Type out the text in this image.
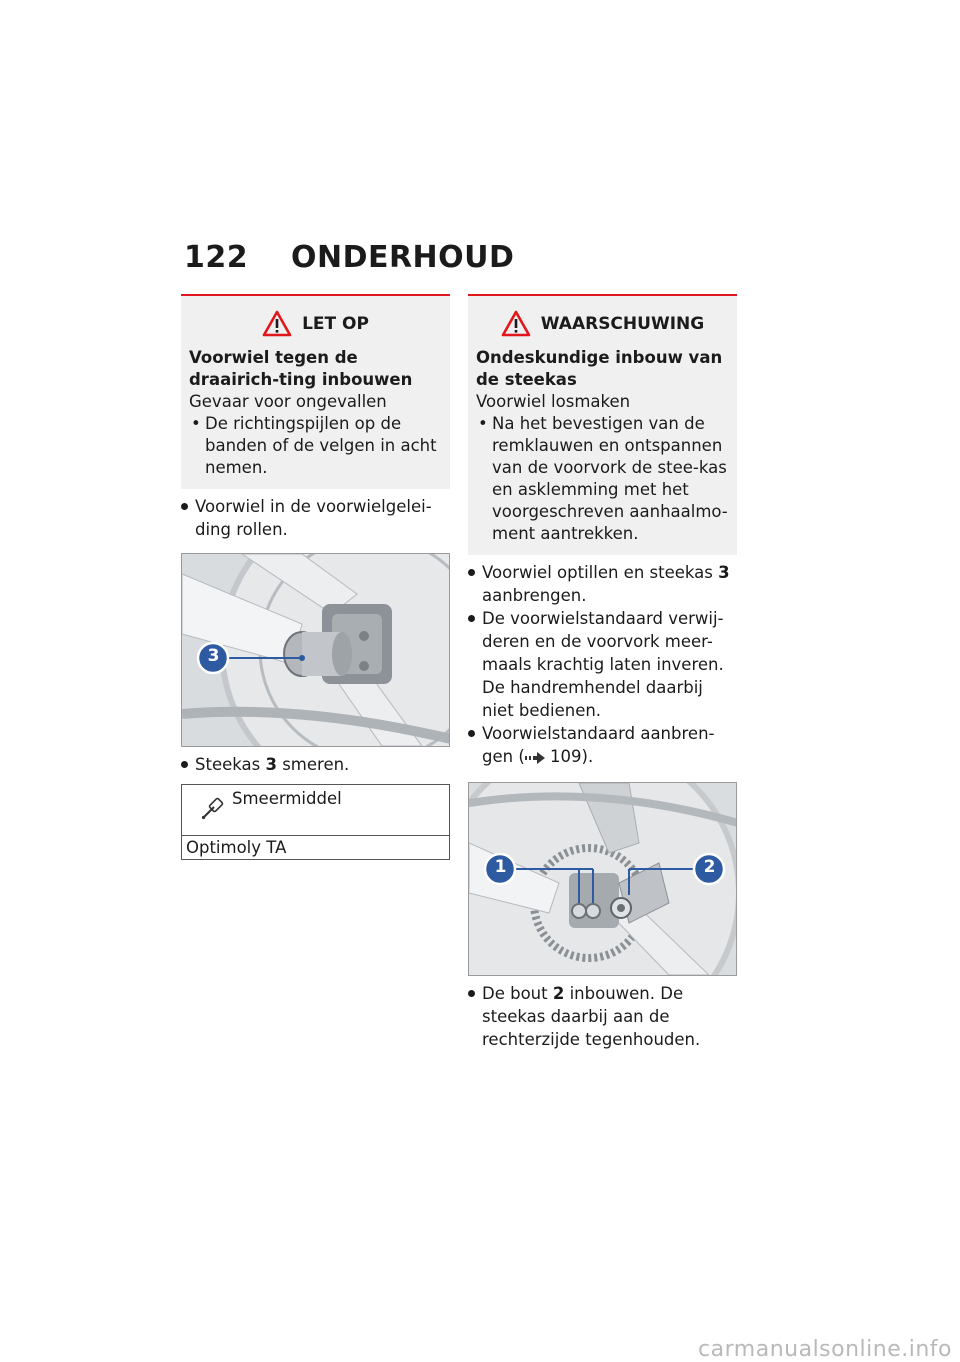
122 ONDERHOUD
LET OP
Voorwiel tegen de draairich-ting inbouwen
Gevaar voor ongevallen
• De richtingspijlen op de banden of de velgen in acht nemen.
Voorwiel in de voorwielgelei-ding rollen.
3
Steekas 3 smeren.
Smeermiddel
Optimoly TA
WAARSCHUWING
Ondeskundige inbouw van de steekas
Voorwiel losmaken
• Na het bevestigen van de remklauwen en ontspannen van de voorvork de stee-kas en asklemming met het voorgeschreven aanhaalmo-ment aantrekken.
Voorwiel optillen en steekas 3 aanbrengen.
De voorwielstandaard verwij-deren en de voorvork meer-maals krachtig laten inveren. De handremhendel daarbij niet bedienen.
Voorwielstandaard aanbren-gen ( 109).
1	2
De bout 2 inbouwen. De steekas daarbij aan de rechterzijde tegenhouden.
carmanualsonline.info
